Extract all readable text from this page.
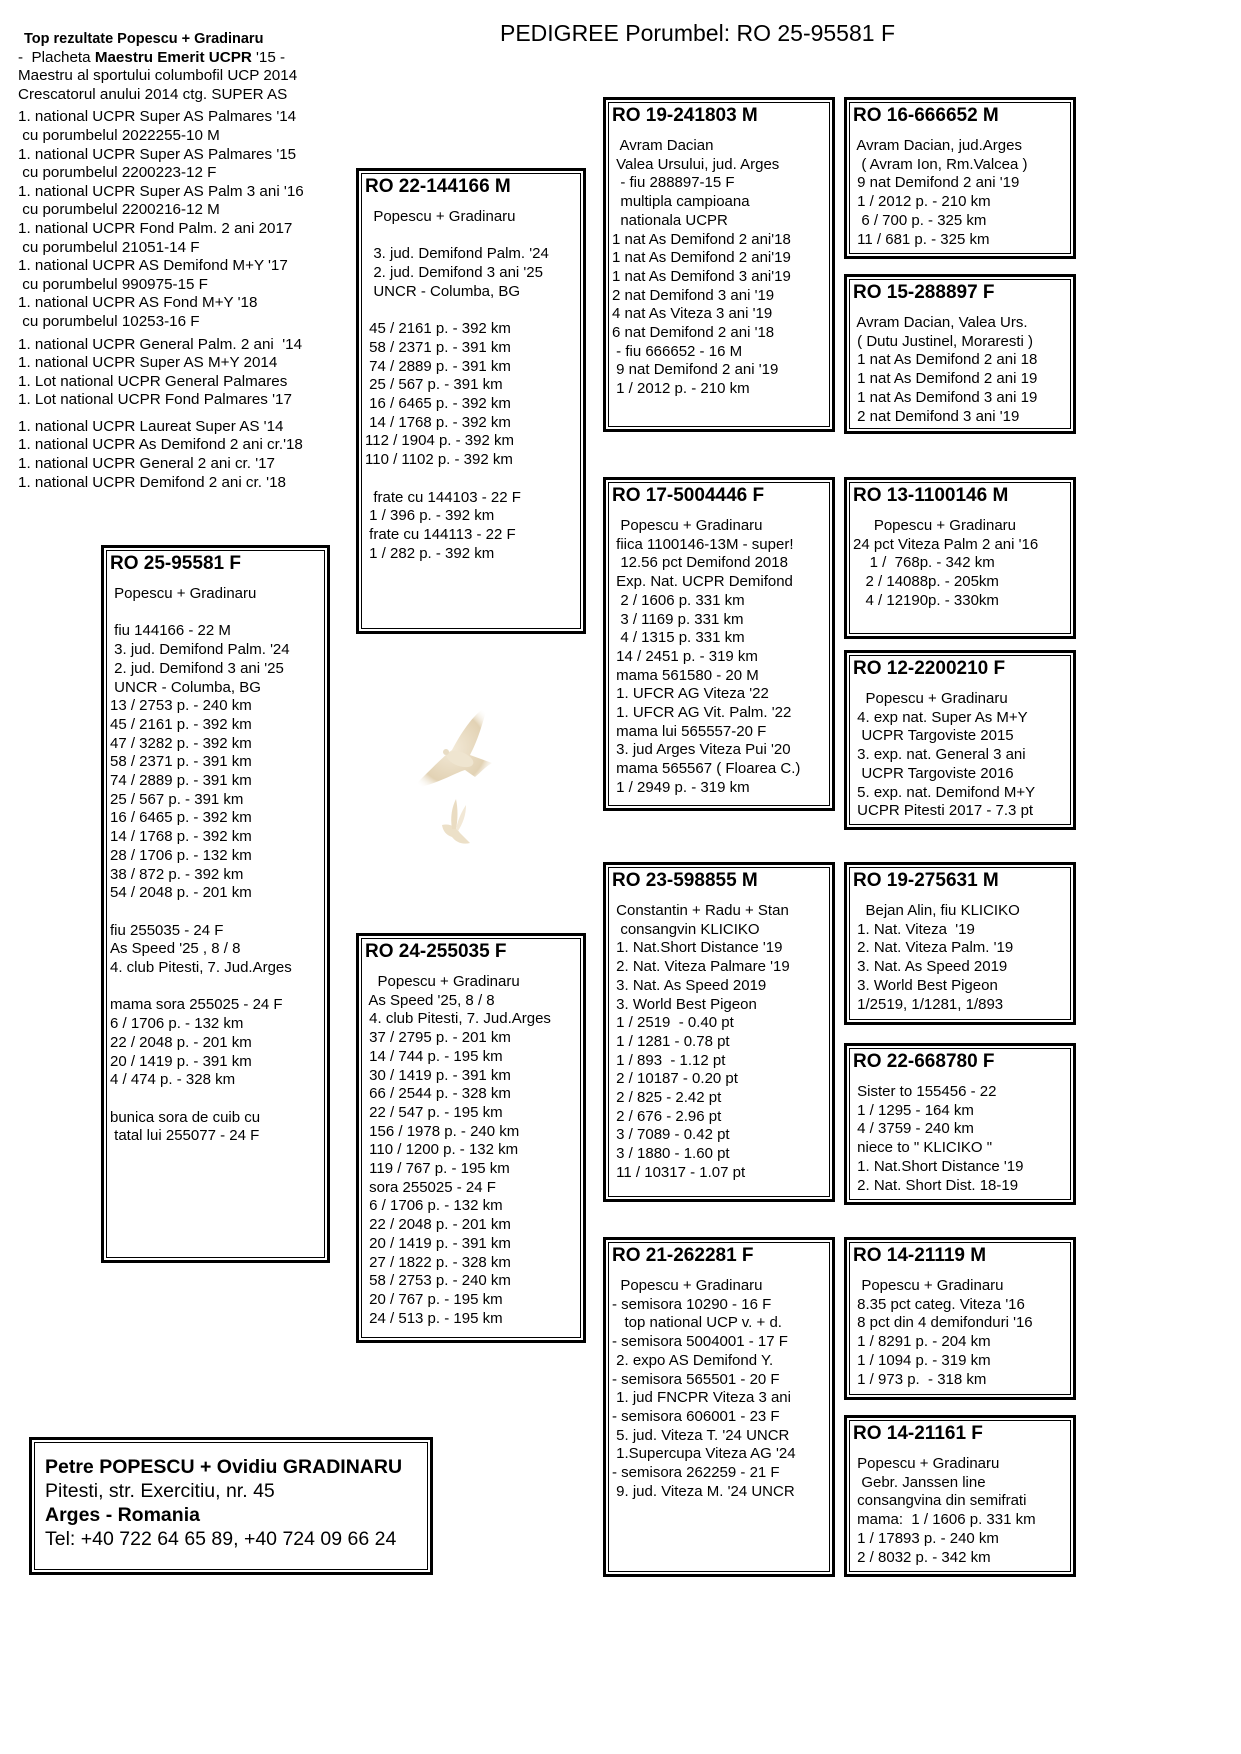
PEDIGREE Porumbel: RO 25-95581 F
Top rezultate Popescu + Gradinaru
-  Placheta Maestru Emerit UCPR '15 -
Maestru al sportului columbofil UCP 2014
Crescatorul anului 2014 ctg. SUPER AS
1. national UCPR Super AS Palmares '14
cu porumbelul 2022255-10 M
1. national UCPR Super AS Palmares '15
cu porumbelul 2200223-12 F
1. national UCPR Super AS Palm 3 ani '16
cu porumbelul 2200216-12 M
1. national UCPR Fond Palm. 2 ani 2017
cu porumbelul 21051-14 F
1. national UCPR AS Demifond M+Y '17
cu porumbelul 990975-15 F
1. national UCPR AS Fond M+Y '18
cu porumbelul 10253-16 F
1. national UCPR General Palm. 2 ani  '14
1. national UCPR Super AS M+Y 2014
1. Lot national UCPR General Palmares
1. Lot national UCPR Fond Palmares '17
1. national UCPR Laureat Super AS '14
1. national UCPR As Demifond 2 ani cr.'18
1. national UCPR General 2 ani cr. '17
1. national UCPR Demifond 2 ani cr. '18
RO 25-95581 F
Popescu + Gradinaru
fiu 144166 - 22 M
3. jud. Demifond Palm. '24
2. jud. Demifond 3 ani '25
UNCR - Columba, BG
13 / 2753 p. - 240 km
45 / 2161 p. - 392 km
47 / 3282 p. - 392 km
58 / 2371 p. - 391 km
74 / 2889 p. - 391 km
25 / 567 p. - 391 km
16 / 6465 p. - 392 km
14 / 1768 p. - 392 km
28 / 1706 p. - 132 km
38 / 872 p. - 392 km
54 / 2048 p. - 201 km
fiu 255035 - 24 F
As Speed '25 , 8 / 8
4. club Pitesti, 7. Jud.Arges
mama sora 255025 - 24 F
6 / 1706 p. - 132 km
22 / 2048 p. - 201 km
20 / 1419 p. - 391 km
4 / 474 p. - 328 km
bunica sora de cuib cu
tatal lui 255077 - 24 F
RO 22-144166 M
Popescu + Gradinaru
3. jud. Demifond Palm. '24
2. jud. Demifond 3 ani '25
UNCR - Columba, BG
45 / 2161 p. - 392 km
58 / 2371 p. - 391 km
74 / 2889 p. - 391 km
25 / 567 p. - 391 km
16 / 6465 p. - 392 km
14 / 1768 p. - 392 km
112 / 1904 p. - 392 km
110 / 1102 p. - 392 km
frate cu 144103 - 22 F
1 / 396 p. - 392 km
frate cu 144113 - 22 F
1 / 282 p. - 392 km
RO 24-255035 F
Popescu + Gradinaru
As Speed '25, 8 / 8
4. club Pitesti, 7. Jud.Arges
37 / 2795 p. - 201 km
14 / 744 p. - 195 km
30 / 1419 p. - 391 km
66 / 2544 p. - 328 km
22 / 547 p. - 195 km
156 / 1978 p. - 240 km
110 / 1200 p. - 132 km
119 / 767 p. - 195 km
sora 255025 - 24 F
6 / 1706 p. - 132 km
22 / 2048 p. - 201 km
20 / 1419 p. - 391 km
27 / 1822 p. - 328 km
58 / 2753 p. - 240 km
20 / 767 p. - 195 km
24 / 513 p. - 195 km
RO 19-241803 M
Avram Dacian
Valea Ursului, jud. Arges
- fiu 288897-15 F
multipla campioana
nationala UCPR
1 nat As Demifond 2 ani'18
1 nat As Demifond 2 ani'19
1 nat As Demifond 3 ani'19
2 nat Demifond 3 ani '19
4 nat As Viteza 3 ani '19
6 nat Demifond 2 ani '18
- fiu 666652 - 16 M
9 nat Demifond 2 ani '19
1 / 2012 p. - 210 km
RO 17-5004446 F
Popescu + Gradinaru
fiica 1100146-13M - super!
12.56 pct Demifond 2018
Exp. Nat. UCPR Demifond
2 / 1606 p. 331 km
3 / 1169 p. 331 km
4 / 1315 p. 331 km
14 / 2451 p. - 319 km
mama 561580 - 20 M
1. UFCR AG Viteza '22
1. UFCR AG Vit. Palm. '22
mama lui 565557-20 F
3. jud Arges Viteza Pui '20
mama 565567 ( Floarea C.)
1 / 2949 p. - 319 km
RO 23-598855 M
Constantin + Radu + Stan
consangvin KLICIKO
1. Nat.Short Distance '19
2. Nat. Viteza Palmare '19
3. Nat. As Speed 2019
3. World Best Pigeon
1 / 2519  - 0.40 pt
1 / 1281 - 0.78 pt
1 / 893  - 1.12 pt
2 / 10187 - 0.20 pt
2 / 825 - 2.42 pt
2 / 676 - 2.96 pt
3 / 7089 - 0.42 pt
3 / 1880 - 1.60 pt
11 / 10317 - 1.07 pt
RO 21-262281 F
Popescu + Gradinaru
- semisora 10290 - 16 F
top national UCP v. + d.
- semisora 5004001 - 17 F
2. expo AS Demifond Y.
- semisora 565501 - 20 F
1. jud FNCPR Viteza 3 ani
- semisora 606001 - 23 F
5. jud. Viteza T. '24 UNCR
1.Supercupa Viteza AG '24
- semisora 262259 - 21 F
9. jud. Viteza M. '24 UNCR
RO 16-666652 M
Avram Dacian, jud.Arges
( Avram Ion, Rm.Valcea )
9 nat Demifond 2 ani '19
1 / 2012 p. - 210 km
6 / 700 p. - 325 km
11 / 681 p. - 325 km
RO 15-288897 F
Avram Dacian, Valea Urs.
( Dutu Justinel, Moraresti )
1 nat As Demifond 2 ani 18
1 nat As Demifond 2 ani 19
1 nat As Demifond 3 ani 19
2 nat Demifond 3 ani '19
RO 13-1100146 M
Popescu + Gradinaru
24 pct Viteza Palm 2 ani '16
1 /  768p. - 342 km
2 / 14088p. - 205km
4 / 12190p. - 330km
RO 12-2200210 F
Popescu + Gradinaru
4. exp nat. Super As M+Y
UCPR Targoviste 2015
3. exp. nat. General 3 ani
UCPR Targoviste 2016
5. exp. nat. Demifond M+Y
UCPR Pitesti 2017 - 7.3 pt
RO 19-275631 M
Bejan Alin, fiu KLICIKO
1. Nat. Viteza  '19
2. Nat. Viteza Palm. '19
3. Nat. As Speed 2019
3. World Best Pigeon
1/2519, 1/1281, 1/893
RO 22-668780 F
Sister to 155456 - 22
1 / 1295 - 164 km
4 / 3759 - 240 km
niece to " KLICIKO "
1. Nat.Short Distance '19
2. Nat. Short Dist. 18-19
RO 14-21119 M
Popescu + Gradinaru
8.35 pct categ. Viteza '16
8 pct din 4 demifonduri '16
1 / 8291 p. - 204 km
1 / 1094 p. - 319 km
1 / 973 p.  - 318 km
RO 14-21161 F
Popescu + Gradinaru
Gebr. Janssen line
consangvina din semifrati
mama:  1 / 1606 p. 331 km
1 / 17893 p. - 240 km
2 / 8032 p. - 342 km
Petre POPESCU + Ovidiu GRADINARU
Pitesti, str. Exercitiu, nr. 45
Arges - Romania
Tel: +40 722 64 65 89, +40 724 09 66 24
